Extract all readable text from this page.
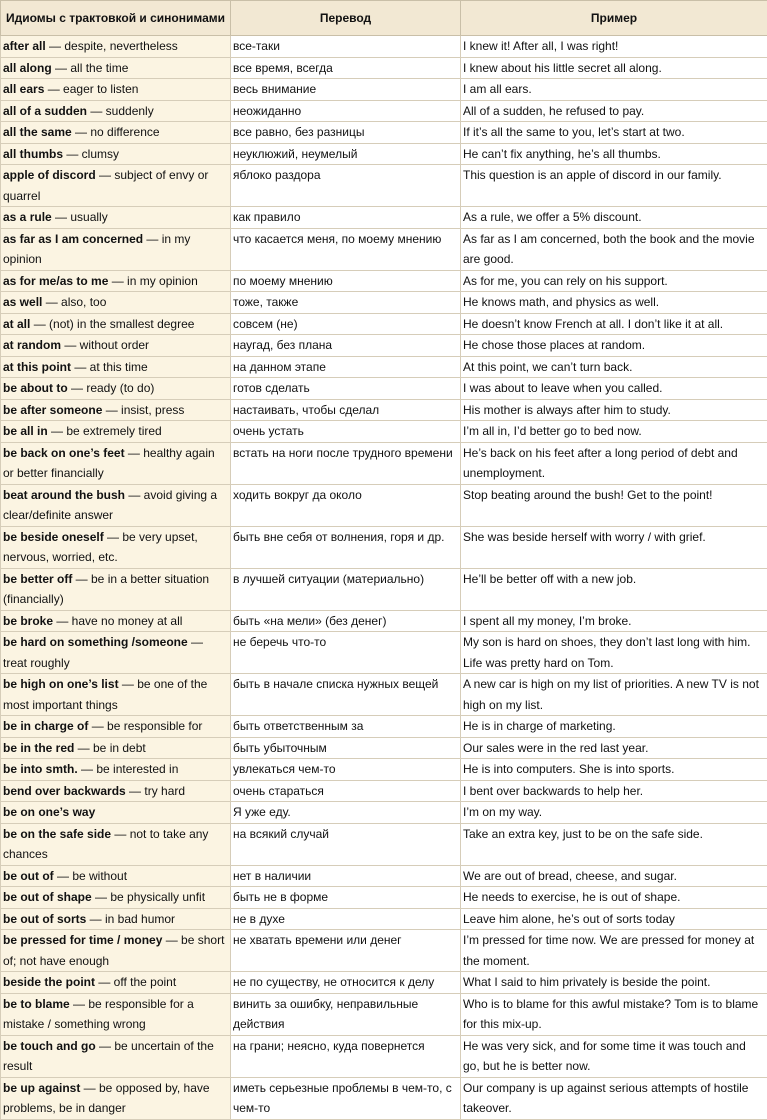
Идиомы с трактовкой и синонимами	Перевод	Пример
after all — despite, nevertheless	все-таки	I knew it! After all, I was right!
all along — all the time	все время, всегда	I knew about his little secret all along.
all ears — eager to listen	весь внимание	I am all ears.
all of a sudden — suddenly	неожиданно	All of a sudden, he refused to pay.
all the same — no difference	все равно, без разницы	If it’s all the same to you, let’s start at two.
all thumbs — clumsy	неуклюжий, неумелый	He can’t fix anything, he’s all thumbs.
apple of discord — subject of envy or quarrel	яблоко раздора	This question is an apple of discord in our family.
as a rule — usually	как правило	As a rule, we offer a 5% discount.
as far as I am concerned — in my opinion	что касается меня, по моему мнению	As far as I am concerned, both the book and the movie are good.
as for me/as to me — in my opinion	по моему мнению	As for me, you can rely on his support.
as well — also, too	тоже, также	He knows math, and physics as well.
at all — (not) in the smallest degree	совсем (не)	He doesn’t know French at all. I don’t like it at all.
at random — without order	наугад, без плана	He chose those places at random.
at this point — at this time	на данном этапе	At this point, we can’t turn back.
be about to — ready (to do)	готов сделать	I was about to leave when you called.
be after someone — insist, press	настаивать, чтобы сделал	His mother is always after him to study.
be all in — be extremely tired	очень устать	I’m all in, I’d better go to bed now.
be back on one’s feet — healthy again or better financially	встать на ноги после трудного времени	He’s back on his feet after a long period of debt and unemployment.
beat around the bush — avoid giving a clear/definite answer	ходить вокруг да около	Stop beating around the bush! Get to the point!
be beside oneself — be very upset, nervous, worried, etc.	быть вне себя от волнения, горя и др.	She was beside herself with worry / with grief.
be better off — be in a better situation (financially)	в лучшей ситуации (материально)	He’ll be better off with a new job.
be broke — have no money at all	быть «на мели» (без денег)	I spent all my money, I’m broke.
be hard on something /someone — treat roughly	не беречь что-то	My son is hard on shoes, they don’t last long with him. Life was pretty hard on Tom.
be high on one’s list — be one of the most important things	быть в начале списка нужных вещей	A new car is high on my list of priorities. A new TV is not high on my list.
be in charge of — be responsible for	быть ответственным за	He is in charge of marketing.
be in the red — be in debt	быть убыточным	Our sales were in the red last year.
be into smth. — be interested in	увлекаться чем-то	He is into computers. She is into sports.
bend over backwards — try hard	очень стараться	I bent over backwards to help her.
be on one’s way	Я уже еду.	I’m on my way.
be on the safe side — not to take any chances	на всякий случай	Take an extra key, just to be on the safe side.
be out of — be without	нет в наличии	We are out of bread, cheese, and sugar.
be out of shape — be physically unfit	быть не в форме	He needs to exercise, he is out of shape.
be out of sorts — in bad humor	не в духе	Leave him alone, he’s out of sorts today
be pressed for time / money — be short of; not have enough	не хватать времени или денег	I’m pressed for time now. We are pressed for money at the moment.
beside the point — off the point	не по существу, не относится к делу	What I said to him privately is beside the point.
be to blame — be responsible for a mistake / something wrong	винить за ошибку, неправильные действия	Who is to blame for this awful mistake? Tom is to blame for this mix-up.
be touch and go — be uncertain of the result	на грани; неясно, куда повернется	He was very sick, and for some time it was touch and go, but he is better now.
be up against — be opposed by, have problems, be in danger	иметь серьезные проблемы в чем-то, с чем-то	Our company is up against serious attempts of hostile takeover.
